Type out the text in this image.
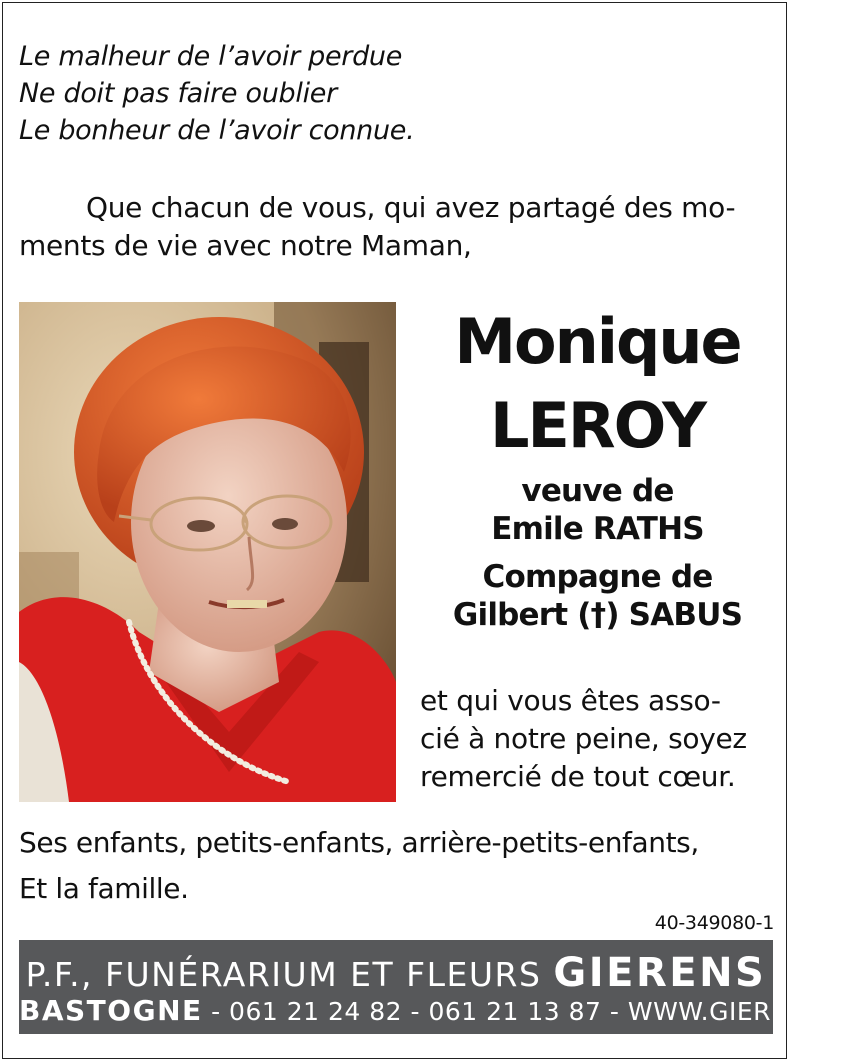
Le malheur de l’avoir perdue
Ne doit pas faire oublier
Le bonheur de l’avoir connue.
Que chacun de vous, qui avez partagé des mo-
ments de vie avec notre Maman,
Monique
LEROY
veuve de
Emile RATHS
Compagne de
Gilbert (†) SABUS
et qui vous êtes asso-
cié à notre peine, soyez
remercié de tout cœur.
Ses enfants, petits-enfants, arrière-petits-enfants,
Et la famille.
40-349080-1
P.F., FUNÉRARIUM ET FLEURS GIERENS
BASTOGNE - 061 21 24 82 - 061 21 13 87 - WWW.GIERENS.BE
